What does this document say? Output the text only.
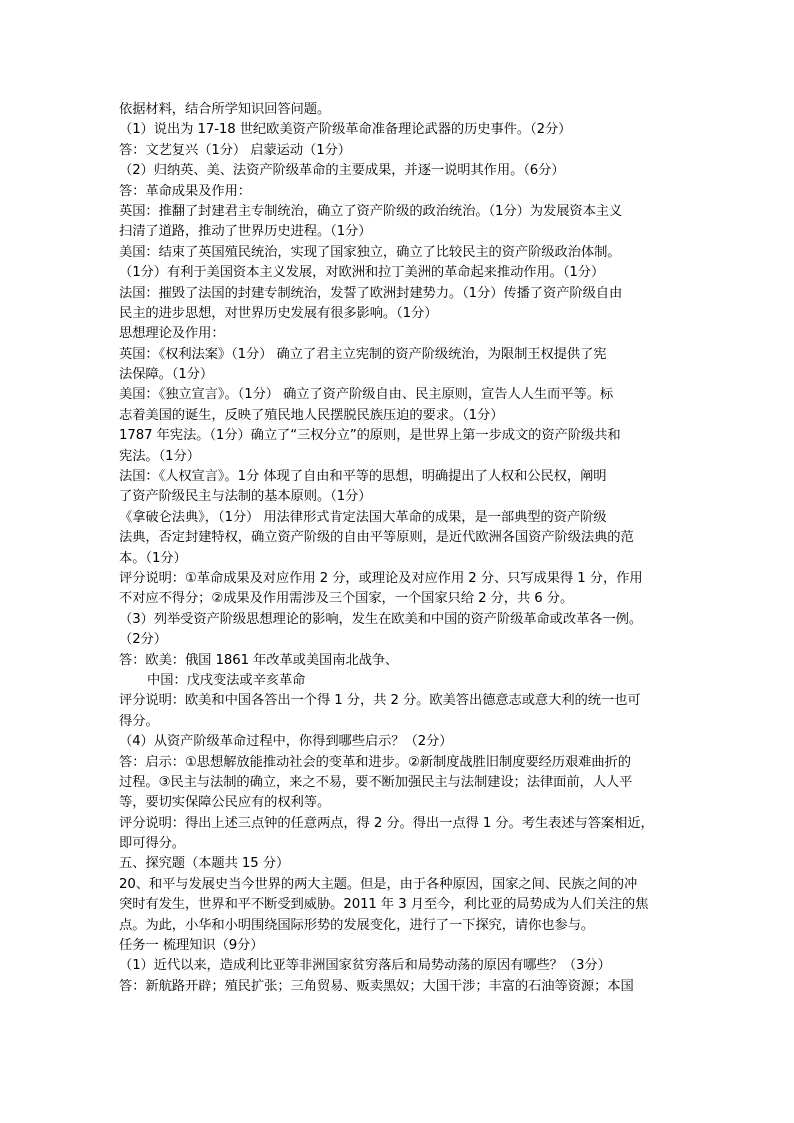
依据材料，结合所学知识回答问题。
（1）说出为 17-18 世纪欧美资产阶级革命准备理论武器的历史事件。（2分）
答：文艺复兴（1分） 启蒙运动（1分）
（2）归纳英、美、法资产阶级革命的主要成果，并逐一说明其作用。（6分）
答：革命成果及作用：
英国：推翻了封建君主专制统治，确立了资产阶级的政治统治。（1分）为发展资本主义
扫清了道路，推动了世界历史进程。（1分）
美国：结束了英国殖民统治，实现了国家独立，确立了比较民主的资产阶级政治体制。
（1分）有利于美国资本主义发展，对欧洲和拉丁美洲的革命起来推动作用。（1分）
法国：摧毁了法国的封建专制统治，发誓了欧洲封建势力。（1分）传播了资产阶级自由
民主的进步思想，对世界历史发展有很多影响。（1分）
思想理论及作用：
英国：《权利法案》（1分） 确立了君主立宪制的资产阶级统治，为限制王权提供了宪
法保障。（1分）
美国：《独立宣言》。（1分） 确立了资产阶级自由、民主原则，宣告人人生而平等。标
志着美国的诞生，反映了殖民地人民摆脱民族压迫的要求。（1分）
1787 年宪法。（1分）确立了“三权分立”的原则，是世界上第一步成文的资产阶级共和
宪法。（1分）
法国：《人权宣言》。1分 体现了自由和平等的思想，明确提出了人权和公民权，阐明
了资产阶级民主与法制的基本原则。（1分）
《拿破仑法典》，（1分） 用法律形式肯定法国大革命的成果，是一部典型的资产阶级
法典，否定封建特权，确立资产阶级的自由平等原则，是近代欧洲各国资产阶级法典的范
本。（1分）
评分说明：①革命成果及对应作用 2 分，或理论及对应作用 2 分、只写成果得 1 分，作用
不对应不得分；②成果及作用需涉及三个国家，一个国家只给 2 分，共 6 分。
（3）列举受资产阶级思想理论的影响，发生在欧美和中国的资产阶级革命或改革各一例。
（2分）
答：欧美：俄国 1861 年改革或美国南北战争、
中国：戊戌变法或辛亥革命
评分说明：欧美和中国各答出一个得 1 分，共 2 分。欧美答出德意志或意大利的统一也可
得分。
（4）从资产阶级革命过程中，你得到哪些启示？（2分）
答：启示：①思想解放能推动社会的变革和进步。②新制度战胜旧制度要经历艰难曲折的
过程。③民主与法制的确立，来之不易，要不断加强民主与法制建设；法律面前，人人平
等，要切实保障公民应有的权利等。
评分说明：得出上述三点钟的任意两点，得 2 分。得出一点得 1 分。考生表述与答案相近，
即可得分。
五、探究题（本题共 15 分）
20、和平与发展史当今世界的两大主题。但是，由于各种原因，国家之间、民族之间的冲
突时有发生，世界和平不断受到威胁。2011 年 3 月至今，利比亚的局势成为人们关注的焦
点。为此，小华和小明围绕国际形势的发展变化，进行了一下探究，请你也参与。
任务一 梳理知识（9分）
（1）近代以来，造成利比亚等非洲国家贫穷落后和局势动荡的原因有哪些？（3分）
答：新航路开辟；殖民扩张；三角贸易、贩卖黑奴；大国干涉；丰富的石油等资源；本国
